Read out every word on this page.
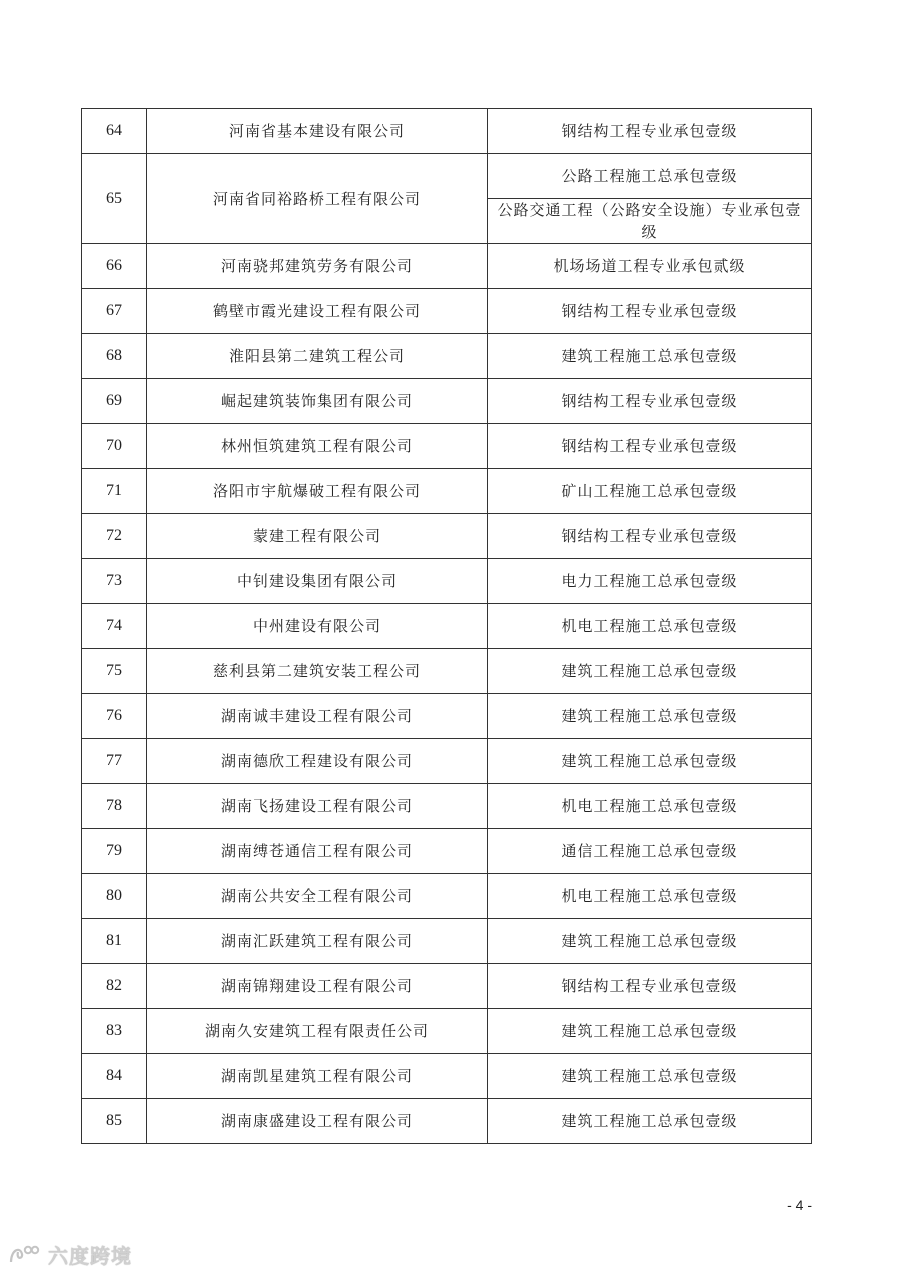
64	河南省基本建设有限公司	钢结构工程专业承包壹级
65	河南省同裕路桥工程有限公司	公路工程施工总承包壹级
		公路交通工程（公路安全设施）专业承包壹级
66	河南骁邦建筑劳务有限公司	机场场道工程专业承包贰级
67	鹤壁市霞光建设工程有限公司	钢结构工程专业承包壹级
68	淮阳县第二建筑工程公司	建筑工程施工总承包壹级
69	崛起建筑装饰集团有限公司	钢结构工程专业承包壹级
70	林州恒筑建筑工程有限公司	钢结构工程专业承包壹级
71	洛阳市宇航爆破工程有限公司	矿山工程施工总承包壹级
72	蒙建工程有限公司	钢结构工程专业承包壹级
73	中钊建设集团有限公司	电力工程施工总承包壹级
74	中州建设有限公司	机电工程施工总承包壹级
75	慈利县第二建筑安装工程公司	建筑工程施工总承包壹级
76	湖南诚丰建设工程有限公司	建筑工程施工总承包壹级
77	湖南德欣工程建设有限公司	建筑工程施工总承包壹级
78	湖南飞扬建设工程有限公司	机电工程施工总承包壹级
79	湖南缚苍通信工程有限公司	通信工程施工总承包壹级
80	湖南公共安全工程有限公司	机电工程施工总承包壹级
81	湖南汇跃建筑工程有限公司	建筑工程施工总承包壹级
82	湖南锦翔建设工程有限公司	钢结构工程专业承包壹级
83	湖南久安建筑工程有限责任公司	建筑工程施工总承包壹级
84	湖南凯星建筑工程有限公司	建筑工程施工总承包壹级
85	湖南康盛建设工程有限公司	建筑工程施工总承包壹级
- 4 -
六度跨境
